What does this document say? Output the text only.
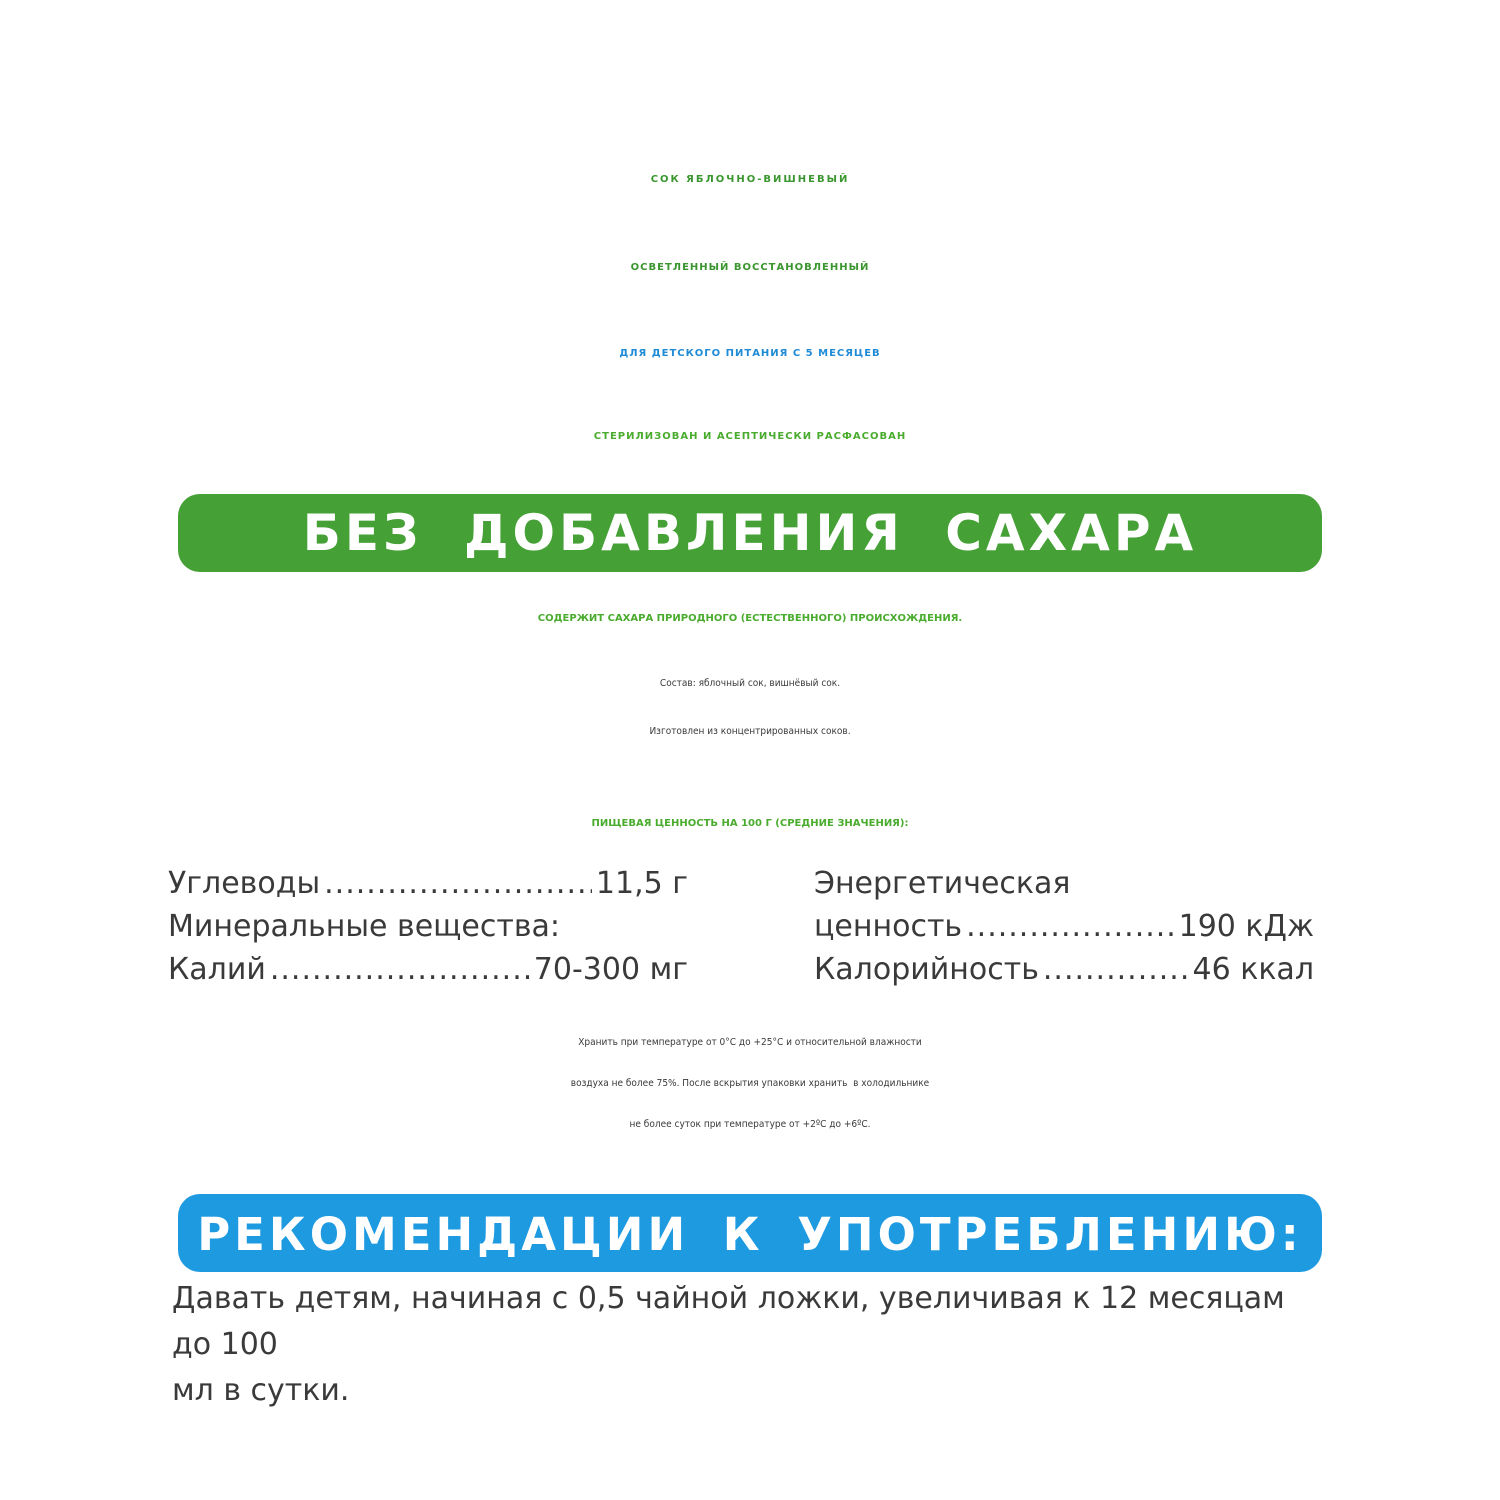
СОК ЯБЛОЧНО-ВИШНЕВЫЙ
ОСВЕТЛЕННЫЙ ВОССТАНОВЛЕННЫЙ
ДЛЯ ДЕТСКОГО ПИТАНИЯ С 5 МЕСЯЦЕВ
СТЕРИЛИЗОВАН И АСЕПТИЧЕСКИ РАСФАСОВАН
БЕЗ ДОБАВЛЕНИЯ САХАРА
СОДЕРЖИТ САХАРА ПРИРОДНОГО (ЕСТЕСТВЕННОГО) ПРОИСХОЖДЕНИЯ.
Состав: яблочный сок, вишнёвый сок.
Изготовлен из концентрированных соков.
ПИЩЕВАЯ ЦЕННОСТЬ НА 100 Г (СРЕДНИЕ ЗНАЧЕНИЯ):
Углеводы .....	11,5 г
Минеральные вещества:
Калий .....	70-300 мг
Энергетическая
ценность .....	190 кДж
Калорийность .....	46 ккал
Хранить при температуре от 0°С до +25°С и относительной влажности
воздуха не более 75%. После вскрытия упаковки хранить  в холодильнике
не более суток при температуре от +2ºС до +6ºС.
РЕКОМЕНДАЦИИ К УПОТРЕБЛЕНИЮ:
Давать детям, начиная с 0,5 чайной ложки, увеличивая к 12 месяцам до 100
мл в сутки.
